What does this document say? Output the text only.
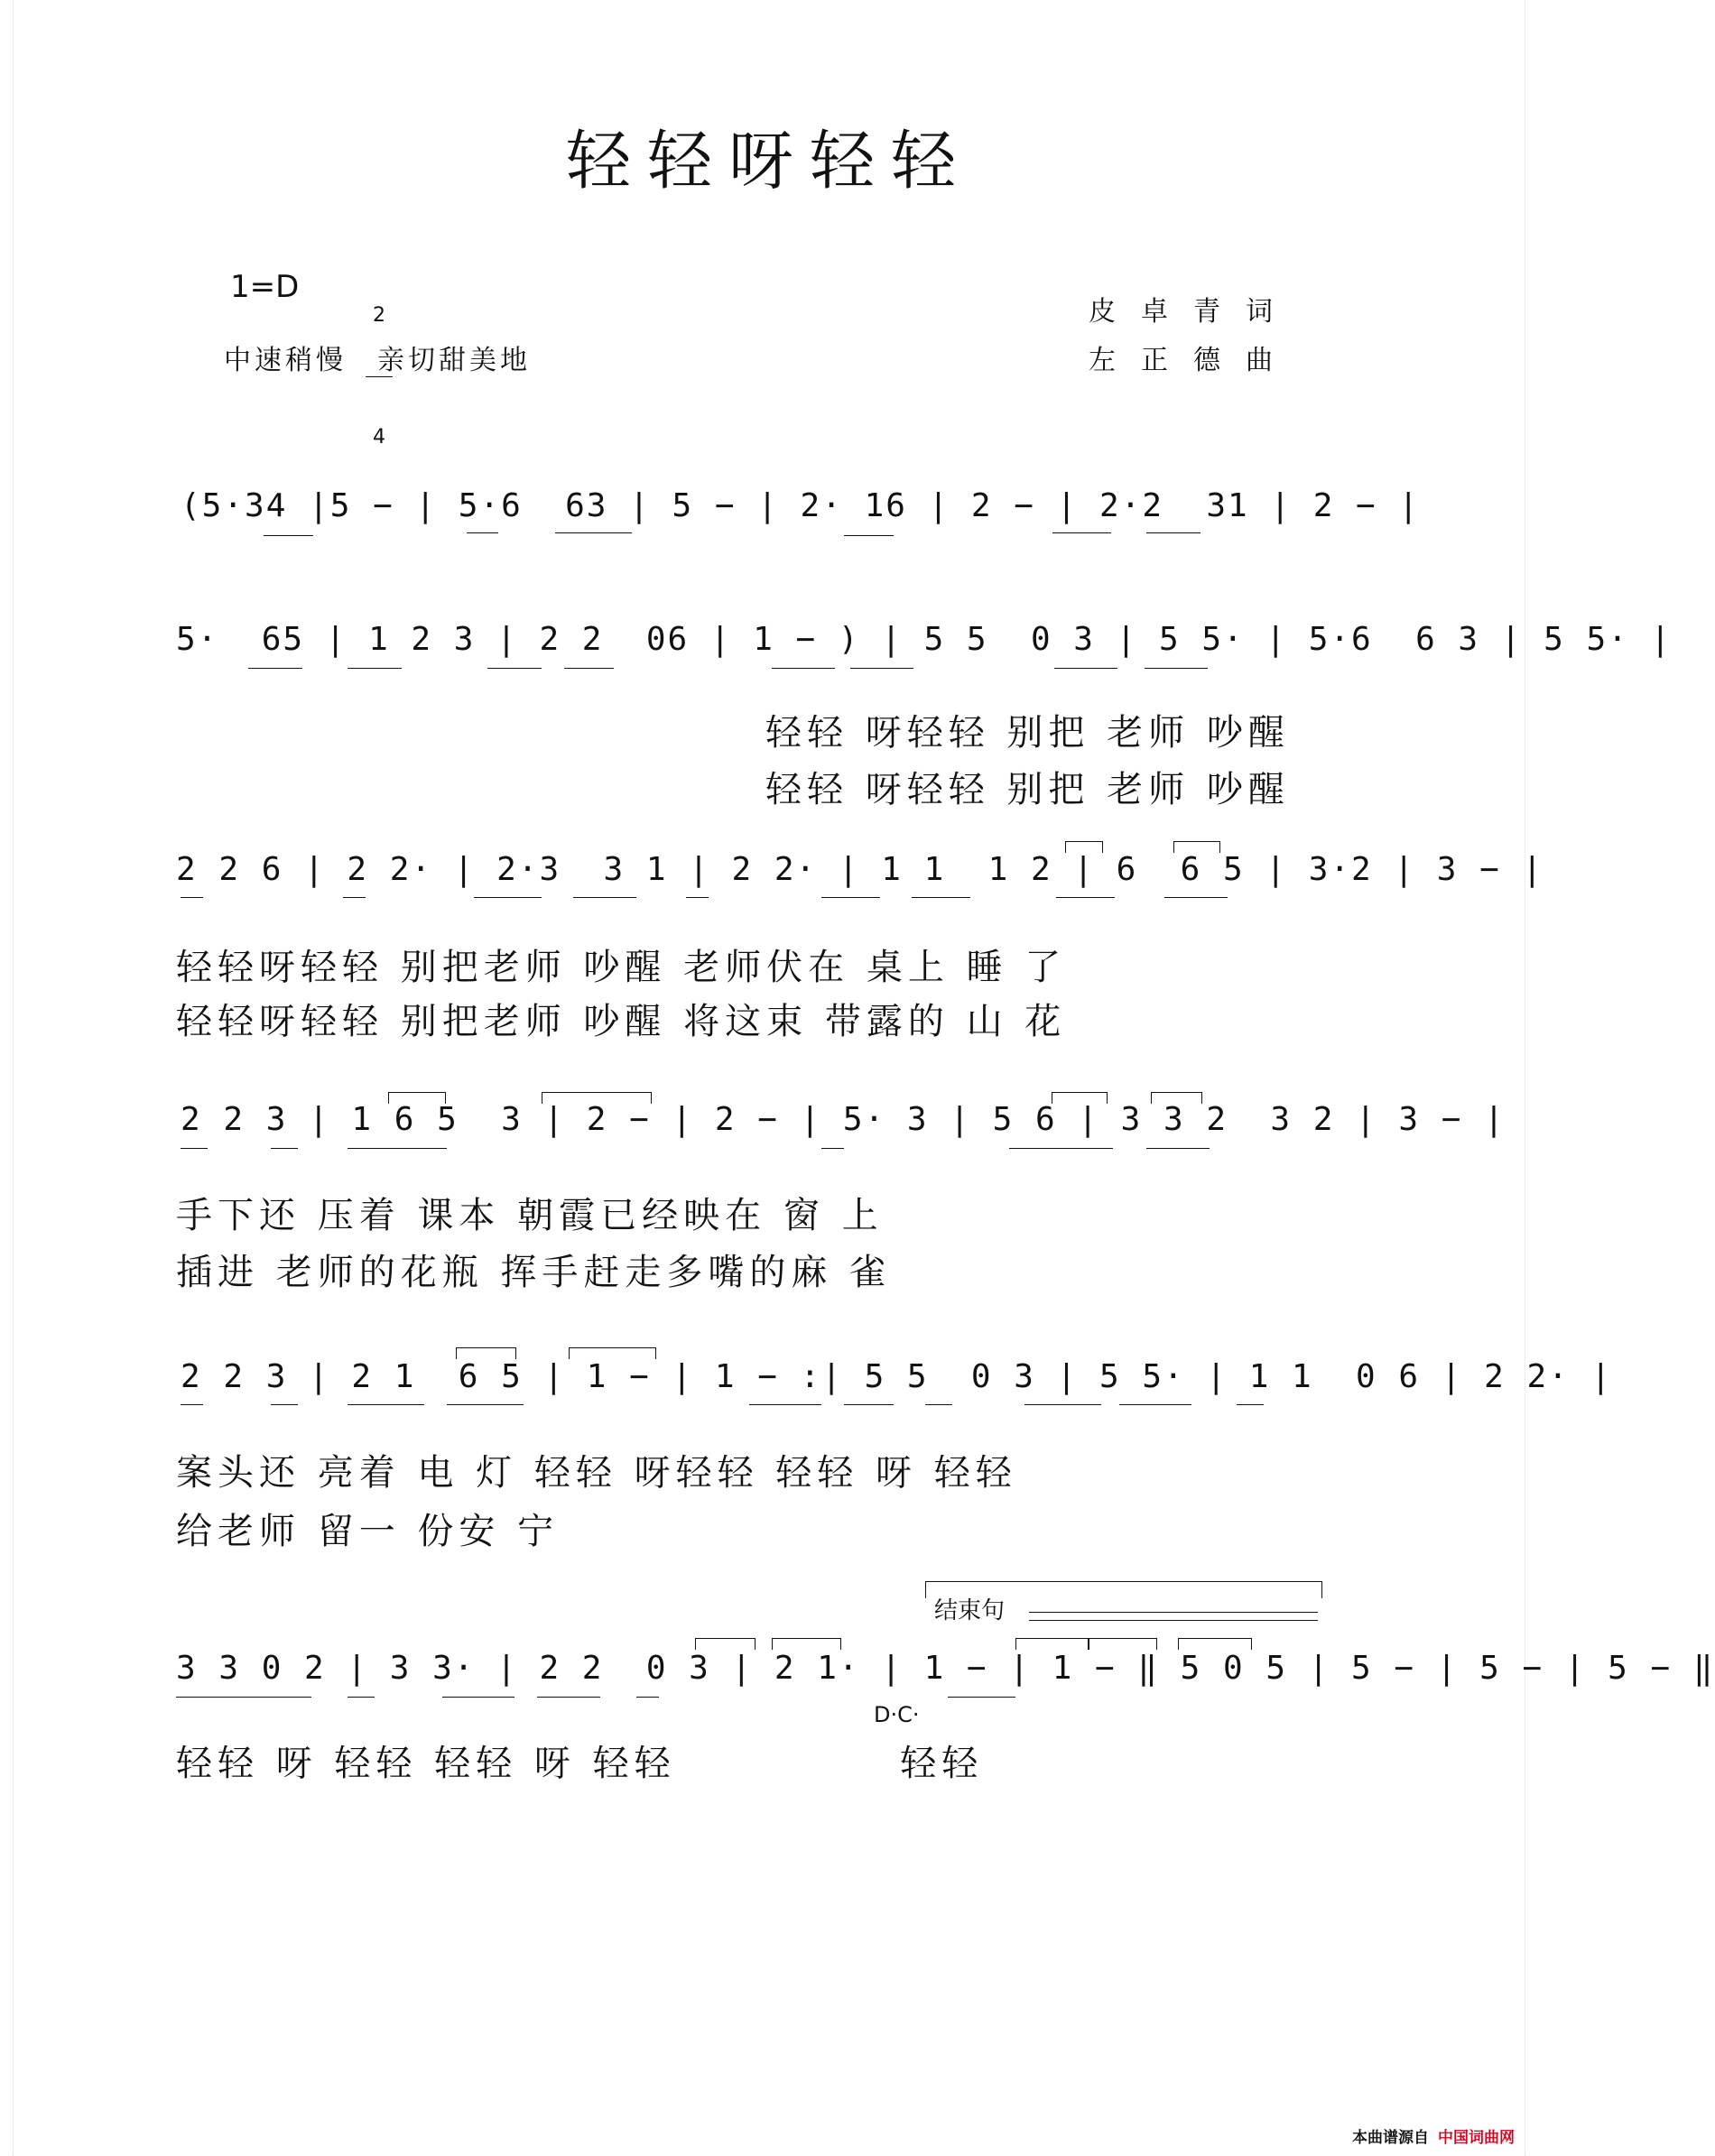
轻轻呀轻轻
1=D

2

4

中速稍慢　亲切甜美地
皮卓青词
左正德曲
(5·34 |5 − | 5·6  63 | 5 − | 2· 16 | 2 − | 2·2  31 | 2 − |
5·  65 | 1 2 3 | 2 2  06 | 1 − ) | 5 5  0 3 | 5 5· | 5·6  6 3 | 5 5· |
轻轻 呀轻轻 别把 老师 吵醒
轻轻 呀轻轻 别把 老师 吵醒
2 2 6 | 2 2· | 2·3  3 1 | 2 2· | 1 1  1 2 | 6  6 5 | 3·2 | 3 − |
轻轻呀轻轻 别把老师 吵醒 老师伏在 桌上 睡 了
轻轻呀轻轻 别把老师 吵醒 将这束 带露的 山 花
2 2 3 | 1 6 5  3 | 2 − | 2 − | 5· 3 | 5 6 | 3 3 2  3 2 | 3 − |
手下还 压着 课本 朝霞已经映在 窗 上
插进 老师的花瓶 挥手赶走多嘴的麻 雀
2 2 3 | 2 1  6 5 | 1 − | 1 − :| 5 5  0 3 | 5 5· | 1 1  0 6 | 2 2· |
案头还 亮着 电 灯 轻轻 呀轻轻 轻轻 呀 轻轻
给老师 留一 份安 宁
结束句
3 3 0 2 | 3 3· | 2 2  0 3 | 2 1· | 1 − | 1 − ‖ 5 0 5 | 5 − | 5 − | 5 − ‖
D·C·
轻轻 呀 轻轻 轻轻 呀 轻轻　　　　　 轻轻
本曲谱源自 中国词曲网
